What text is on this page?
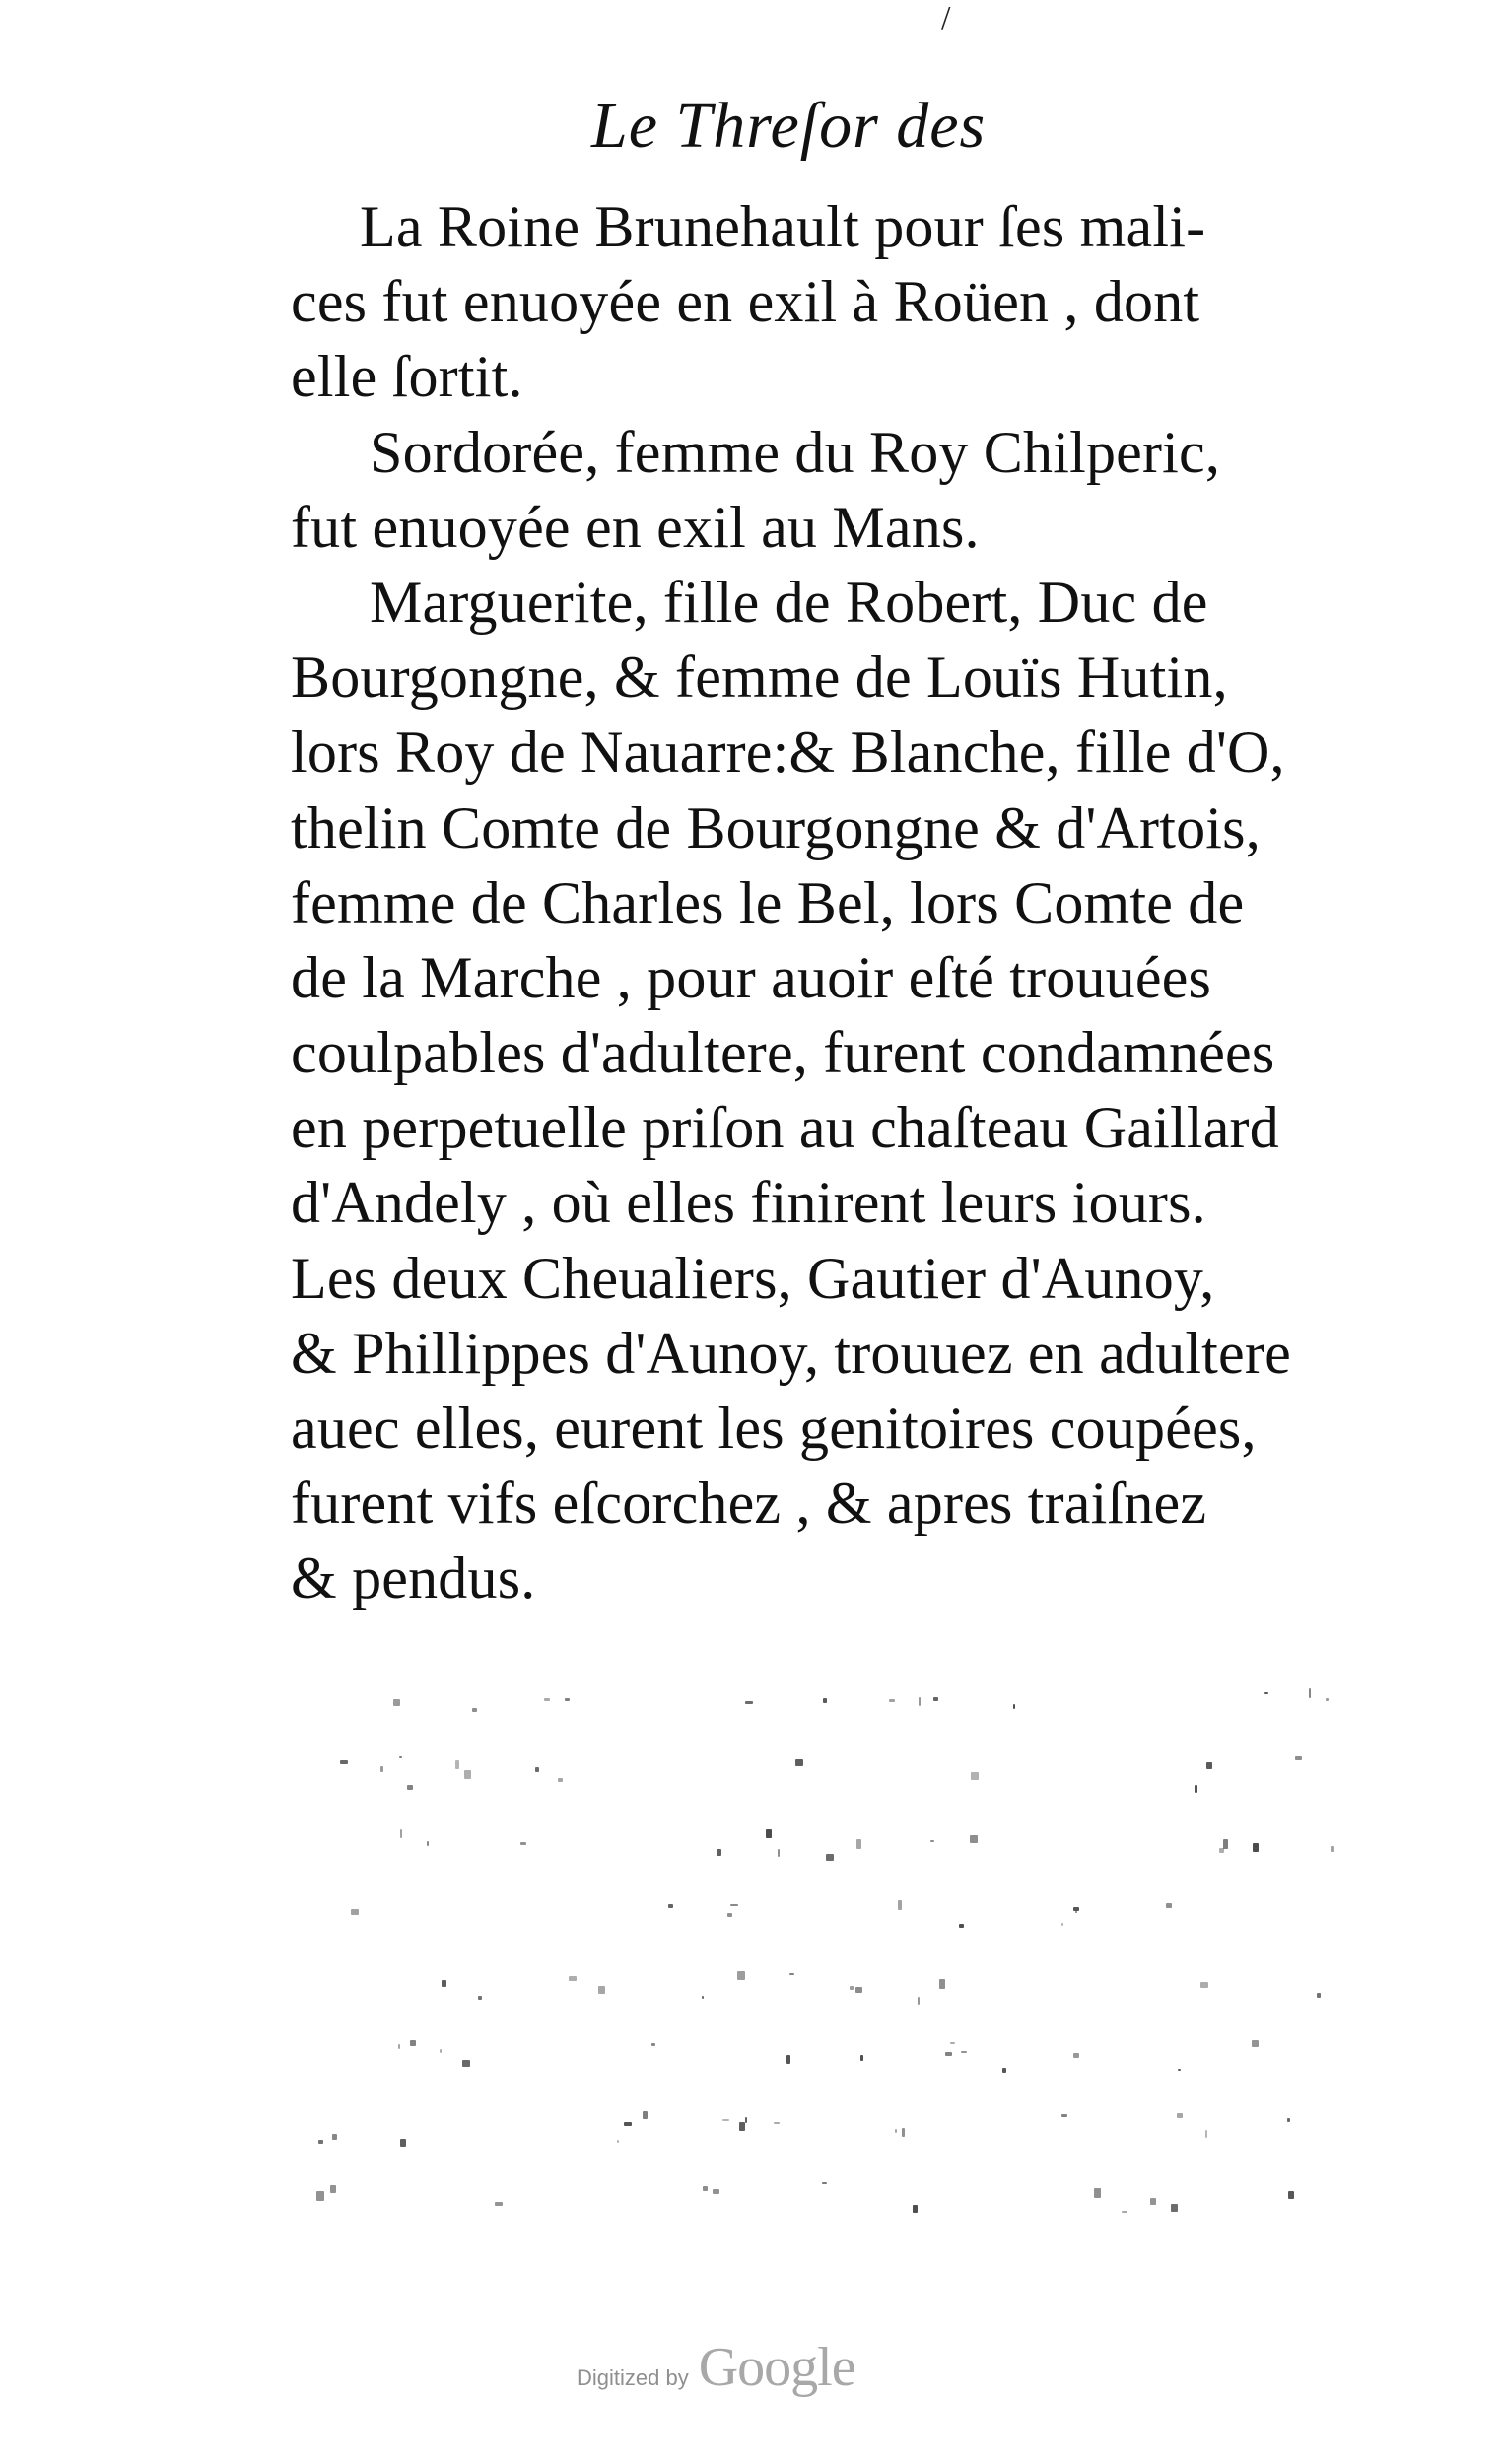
/
Le Threſor des
La Roine Brunehault pour ſes mali-
ces fut enuoyée en exil à Roüen , dont
elle ſortit.
Sordorée, femme du Roy Chilperic,
fut enuoyée en exil au Mans.
Marguerite, fille de Robert, Duc de
Bourgongne, & femme de Louïs Hutin,
lors Roy de Nauarre:& Blanche, fille d'O,
thelin Comte de Bourgongne & d'Artois,
femme de Charles le Bel, lors Comte de
de la Marche , pour auoir eſté trouuées
coulpables d'adultere, furent condamnées
en perpetuelle priſon au chaſteau Gaillard
d'Andely , où elles finirent leurs iours.
Les deux Cheualiers, Gautier d'Aunoy,
& Phillippes d'Aunoy, trouuez en adultere
auec elles, eurent les genitoires coupées,
furent vifs eſcorchez , & apres traiſnez
& pendus.
Digitized by Google
